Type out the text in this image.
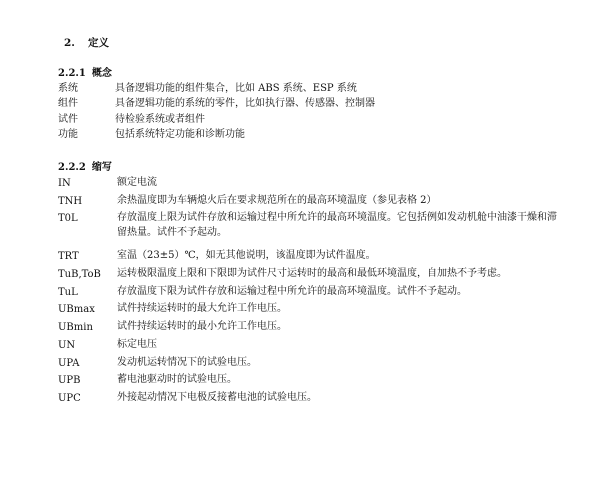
2. 定义
2.2.1 概念
系统	具备逻辑功能的组件集合，比如 ABS 系统、ESP 系统
组件	具备逻辑功能的系统的零件，比如执行器、传感器、控制器
试件	待检验系统或者组件
功能	包括系统特定功能和诊断功能
2.2.2 缩写
IN	额定电流
TNH	余热温度即为车辆熄火后在要求规范所在的最高环境温度（参见表格 2）
T0L	存放温度上限为试件存放和运输过程中所允许的最高环境温度。它包括例如发动机舱中油漆干燥和滞留热量。试件不予起动。
TRT	室温（23±5）℃，如无其他说明，该温度即为试件温度。
TuB,ToB	运转极限温度上限和下限即为试件尺寸运转时的最高和最低环境温度，自加热不予考虑。
TuL	存放温度下限为试件存放和运输过程中所允许的最高环境温度。试件不予起动。
UBmax	试件持续运转时的最大允许工作电压。
UBmin	试件持续运转时的最小允许工作电压。
UN	标定电压
UPA	发动机运转情况下的试验电压。
UPB	蓄电池驱动时的试验电压。
UPC	外接起动情况下电极反接蓄电池的试验电压。
